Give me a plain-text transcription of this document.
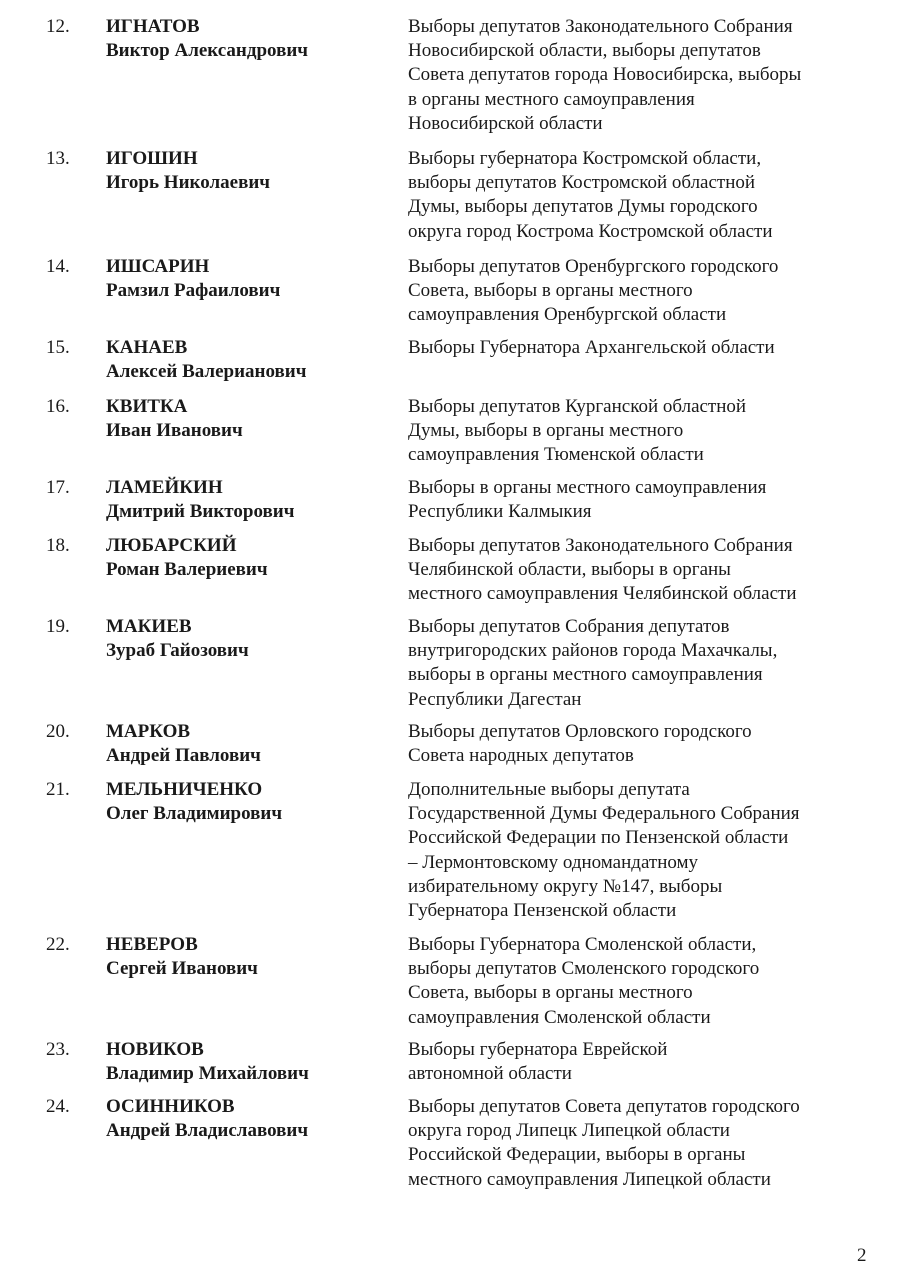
12. ИГНАТОВ
Виктор Александрович
Выборы депутатов Законодательного Собрания
Новосибирской области, выборы депутатов
Совета депутатов города Новосибирска, выборы
в органы местного самоуправления
Новосибирской области
13. ИГОШИН
Игорь Николаевич
Выборы губернатора Костромской области,
выборы депутатов Костромской областной
Думы, выборы депутатов Думы городского
округа город Кострома Костромской области
14. ИШСАРИН
Рамзил Рафаилович
Выборы депутатов Оренбургского городского
Совета, выборы в органы местного
самоуправления Оренбургской области
15. КАНАЕВ
Алексей Валерианович
Выборы Губернатора Архангельской области
16. КВИТКА
Иван Иванович
Выборы депутатов Курганской областной
Думы, выборы в органы местного
самоуправления Тюменской области
17. ЛАМЕЙКИН
Дмитрий Викторович
Выборы в органы местного самоуправления
Республики Калмыкия
18. ЛЮБАРСКИЙ
Роман Валериевич
Выборы депутатов Законодательного Собрания
Челябинской области, выборы в органы
местного самоуправления Челябинской области
19. МАКИЕВ
Зураб Гайозович
Выборы депутатов Собрания депутатов
внутригородских районов города Махачкалы,
выборы в органы местного самоуправления
Республики Дагестан
20. МАРКОВ
Андрей Павлович
Выборы депутатов Орловского городского
Совета народных депутатов
21. МЕЛЬНИЧЕНКО
Олег Владимирович
Дополнительные выборы депутата
Государственной Думы Федерального Собрания
Российской Федерации по Пензенской области
– Лермонтовскому одномандатному
избирательному округу №147, выборы
Губернатора Пензенской области
22. НЕВЕРОВ
Сергей Иванович
Выборы Губернатора Смоленской области,
выборы депутатов Смоленского городского
Совета, выборы в органы местного
самоуправления Смоленской области
23. НОВИКОВ
Владимир Михайлович
Выборы губернатора Еврейской
автономной области
24. ОСИННИКОВ
Андрей Владиславович
Выборы депутатов Совета депутатов городского
округа город Липецк Липецкой области
Российской Федерации, выборы в органы
местного самоуправления Липецкой области
2
